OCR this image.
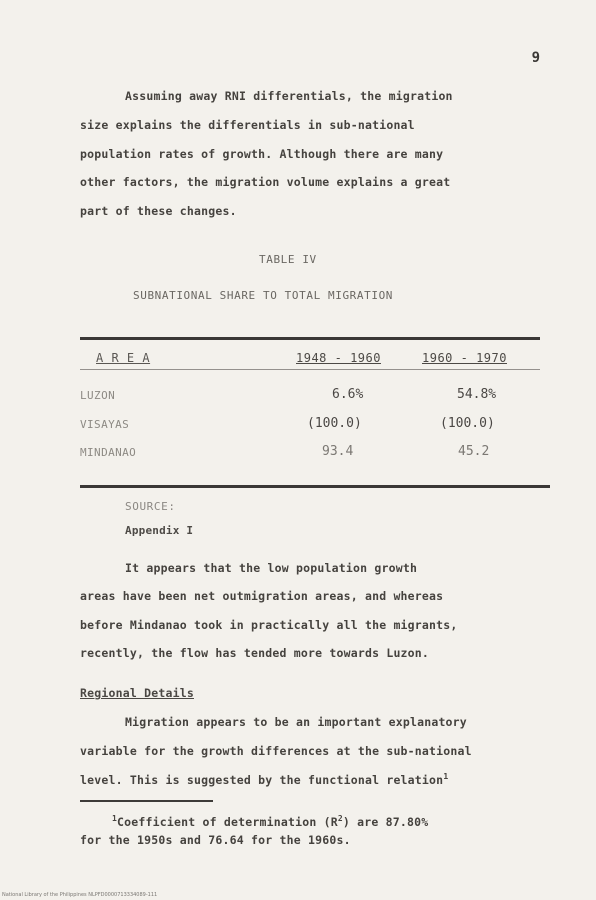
9
Assuming away RNI differentials, the migration
size explains the differentials in sub-national
population rates of growth. Although there are many
other factors, the migration volume explains a great
part of these changes.
TABLE IV
SUBNATIONAL SHARE TO TOTAL MIGRATION
A R E A	1948 - 1960	1960 - 1970
LUZON	6.6%	54.8%
VISAYAS	(100.0)	(100.0)
MINDANAO	93.4	45.2
SOURCE:
Appendix I
It appears that the low population growth
areas have been net outmigration areas, and whereas
before Mindanao took in practically all the migrants,
recently, the flow has tended more towards Luzon.
Regional Details
Migration appears to be an important explanatory
variable for the growth differences at the sub-national
level. This is suggested by the functional relation$^1$
$^1$Coefficient of determination $(R^2)$ are 87.80%
for the 1950s and 76.64 for the 1960s.
National Library of the Philippines NLPFD0000713334089-111
